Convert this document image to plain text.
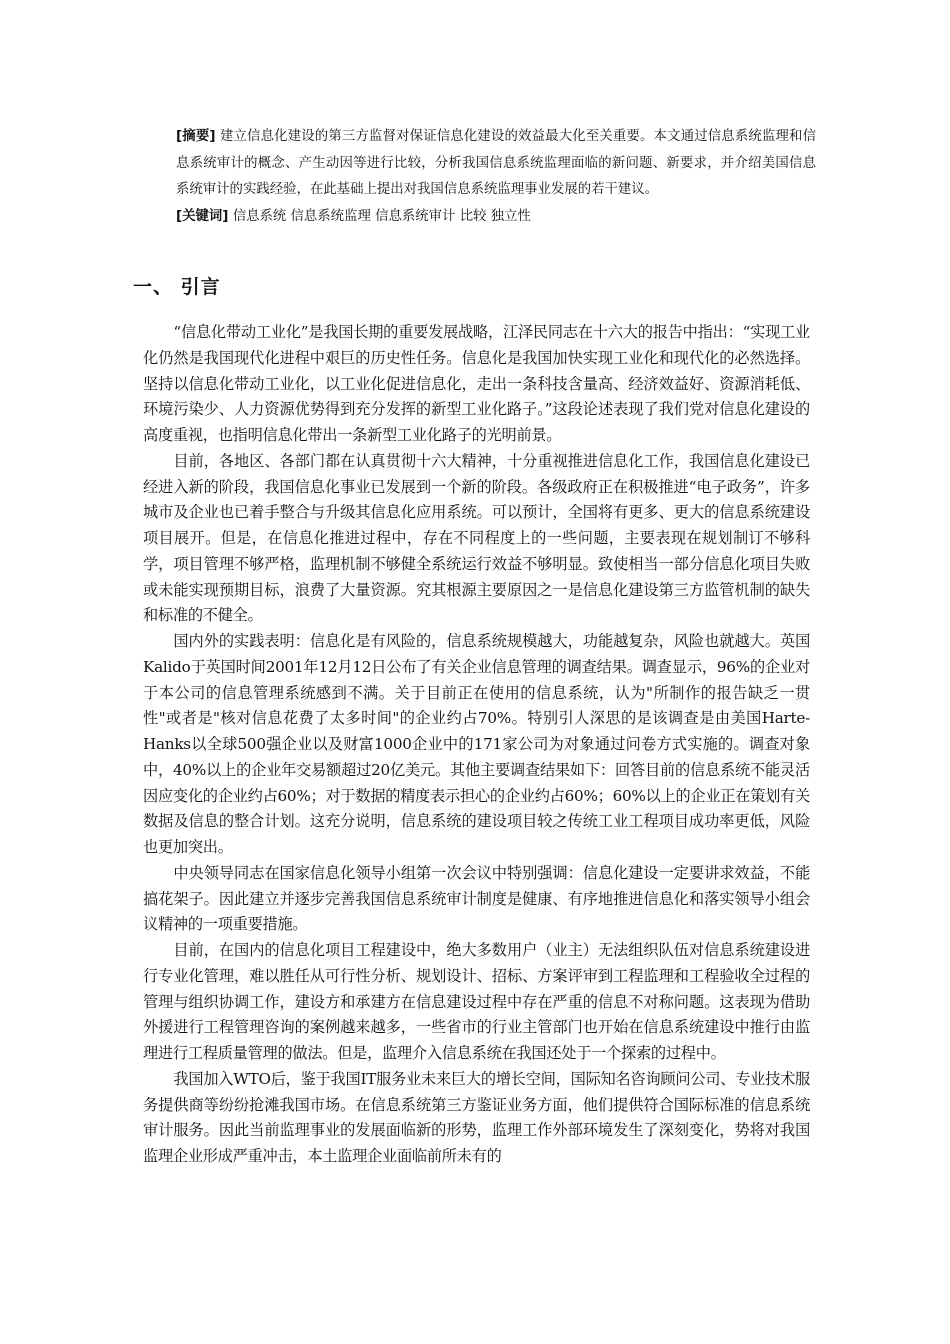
[摘要] 建立信息化建设的第三方监督对保证信息化建设的效益最大化至关重要。本文通过信息系统监理和信息系统审计的概念、产生动因等进行比较，分析我国信息系统监理面临的新问题、新要求，并介绍美国信息系统审计的实践经验，在此基础上提出对我国信息系统监理事业发展的若干建议。

[关键词] 信息系统 信息系统监理 信息系统审计 比较 独立性

一、 引言

“信息化带动工业化”是我国长期的重要发展战略，江泽民同志在十六大的报告中指出：“实现工业化仍然是我国现代化进程中艰巨的历史性任务。信息化是我国加快实现工业化和现代化的必然选择。坚持以信息化带动工业化，以工业化促进信息化，走出一条科技含量高、经济效益好、资源消耗低、环境污染少、人力资源优势得到充分发挥的新型工业化路子。”这段论述表现了我们党对信息化建设的高度重视，也指明信息化带出一条新型工业化路子的光明前景。

目前，各地区、各部门都在认真贯彻十六大精神，十分重视推进信息化工作，我国信息化建设已经进入新的阶段，我国信息化事业已发展到一个新的阶段。各级政府正在积极推进“电子政务”，许多城市及企业也已着手整合与升级其信息化应用系统。可以预计，全国将有更多、更大的信息系统建设项目展开。但是，在信息化推进过程中，存在不同程度上的一些问题，主要表现在规划制订不够科学，项目管理不够严格，监理机制不够健全系统运行效益不够明显。致使相当一部分信息化项目失败或未能实现预期目标，浪费了大量资源。究其根源主要原因之一是信息化建设第三方监管机制的缺失和标准的不健全。

国内外的实践表明：信息化是有风险的，信息系统规模越大，功能越复杂，风险也就越大。英国Kalido于英国时间2001年12月12日公布了有关企业信息管理的调查结果。调查显示，96%的企业对于本公司的信息管理系统感到不满。关于目前正在使用的信息系统，认为"所制作的报告缺乏一贯性"或者是"核对信息花费了太多时间"的企业约占70%。特别引人深思的是该调查是由美国Harte-Hanks以全球500强企业以及财富1000企业中的171家公司为对象通过问卷方式实施的。调查对象中，40%以上的企业年交易额超过20亿美元。其他主要调查结果如下：回答目前的信息系统不能灵活因应变化的企业约占60%；对于数据的精度表示担心的企业约占60%；60%以上的企业正在策划有关数据及信息的整合计划。这充分说明，信息系统的建设项目较之传统工业工程项目成功率更低，风险也更加突出。

中央领导同志在国家信息化领导小组第一次会议中特别强调：信息化建设一定要讲求效益，不能搞花架子。因此建立并逐步完善我国信息系统审计制度是健康、有序地推进信息化和落实领导小组会议精神的一项重要措施。

目前，在国内的信息化项目工程建设中，绝大多数用户（业主）无法组织队伍对信息系统建设进行专业化管理，难以胜任从可行性分析、规划设计、招标、方案评审到工程监理和工程验收全过程的管理与组织协调工作，建设方和承建方在信息建设过程中存在严重的信息不对称问题。这表现为借助外援进行工程管理咨询的案例越来越多，一些省市的行业主管部门也开始在信息系统建设中推行由监理进行工程质量管理的做法。但是，监理介入信息系统在我国还处于一个探索的过程中。

我国加入WTO后，鉴于我国IT服务业未来巨大的增长空间，国际知名咨询顾问公司、专业技术服务提供商等纷纷抢滩我国市场。在信息系统第三方鉴证业务方面，他们提供符合国际标准的信息系统审计服务。因此当前监理事业的发展面临新的形势，监理工作外部环境发生了深刻变化，势将对我国监理企业形成严重冲击，本土监理企业面临前所未有的
